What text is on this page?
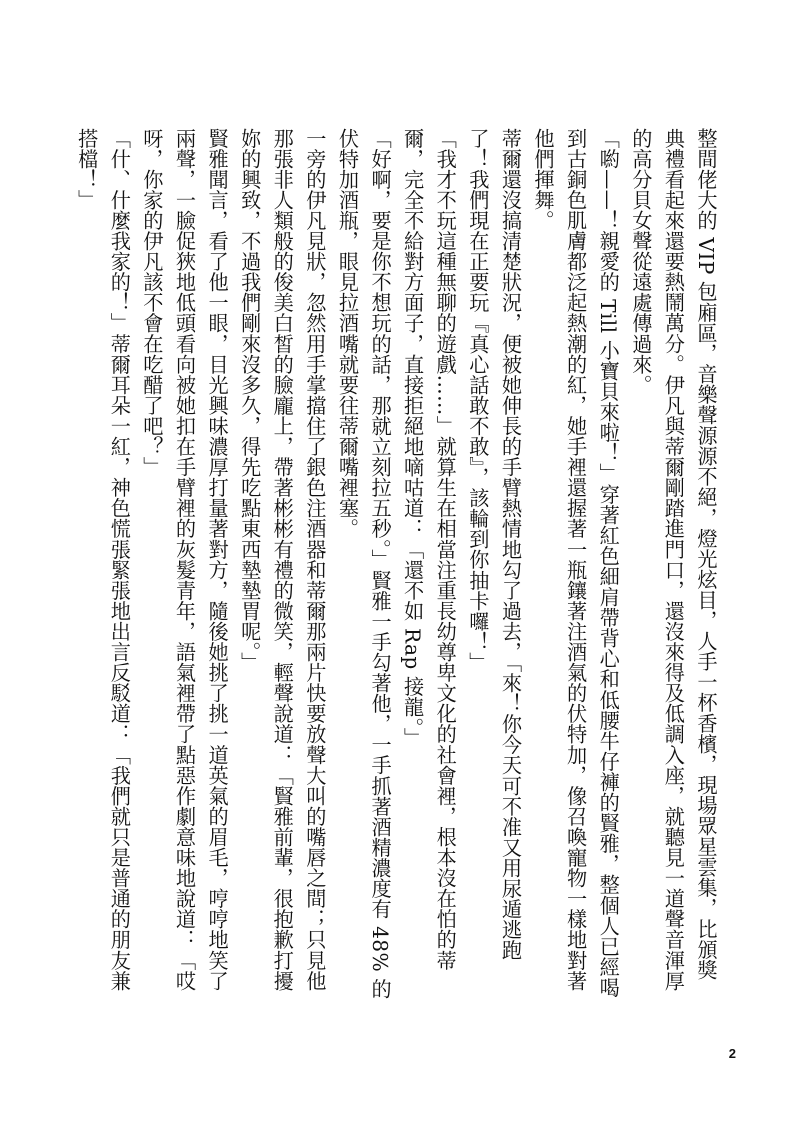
整間佬大的 VIP 包廂區，音樂聲源源不絕，燈光炫目，人手一杯香檳，現場眾星雲集，比頒獎典禮看起來還要熱鬧萬分。伊凡與蒂爾剛踏進門口，還沒來得及低調入座，就聽見一道聲音渾厚的高分貝女聲從遠處傳過來。
「喲——！親愛的 Till 小寶貝來啦！」穿著紅色細肩帶背心和低腰牛仔褲的賢雅，整個人已經喝到古銅色肌膚都泛起熱潮的紅，她手裡還握著一瓶鑲著注酒氣的伏特加，像召喚寵物一樣地對著他們揮舞。
蒂爾還沒搞清楚狀況，便被她伸長的手臂熱情地勾了過去，「來！你今天可不准又用尿遁逃跑了！我們現在正要玩『真心話敢不敢』，該輪到你抽卡囉！」
「我才不玩這種無聊的遊戲……」就算生在相當注重長幼尊卑文化的社會裡，根本沒在怕的蒂爾，完全不給對方面子，直接拒絕地嘀咕道：「還不如 Rap 接龍。」
「好啊，要是你不想玩的話，那就立刻拉五秒。」賢雅一手勾著他，一手抓著酒精濃度有 48% 的伏特加酒瓶，眼見拉酒嘴就要往蒂爾嘴裡塞。
一旁的伊凡見狀，忽然用手掌擋住了銀色注酒器和蒂爾那兩片快要放聲大叫的嘴唇之間；只見他那張非人類般的俊美白皙的臉龐上，帶著彬彬有禮的微笑，輕聲說道：「賢雅前輩，很抱歉打擾妳的興致，不過我們剛來沒多久，得先吃點東西墊墊胃呢。」
賢雅聞言，看了他一眼，目光興味濃厚打量著對方，隨後她挑了挑一道英氣的眉毛，哼哼地笑了兩聲，一臉促狹地低頭看向被她扣在手臂裡的灰髮青年，語氣裡帶了點惡作劇意味地說道：「哎呀，你家的伊凡該不會在吃醋了吧？」
「什、什麼我家的！」蒂爾耳朵一紅，神色慌張緊張地出言反駁道：「我們就只是普通的朋友兼搭檔！」
2
